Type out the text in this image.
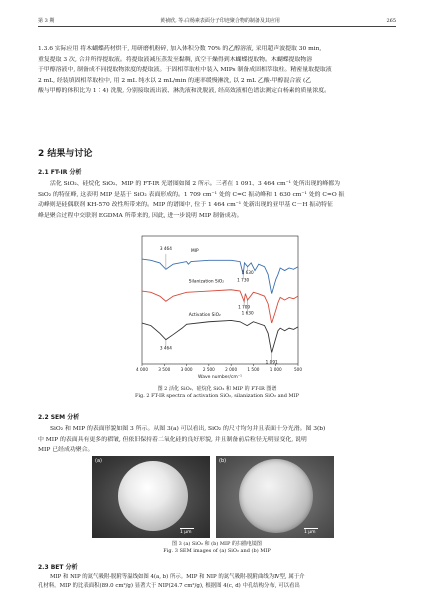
第 3 期	黄祯欣, 等:白杨素表面分子印迹聚合物的制备及其应用	265
1.3.6 实际应用 将木蝴蝶药材烘干, 用研磨机粉碎, 加入体积分数 70% 的乙醇溶液, 采用超声波提取 30 min,
重复提取 3 次, 合并所得提取液。将提取液减压蒸发至黏稠, 真空干燥得到木蝴蝶提取物。木蝴蝶提取物溶
于甲醇溶液中, 制备成不同提取物浓度的提取液。于固相萃取柱中装入 MIPs 制备成固相萃取柱。精密量取提取液
2 mL, 经装填固相萃取柱中, 用 2 mL 纯水以 2 mL/min 的速率缓慢淋洗, 以 2 mL 乙酸-甲醇混合液 (乙
酸与甲醇的体积比为 1∶4) 洗脱, 分别接取流出液、淋洗液和洗脱液, 经高效液相色谱法测定白杨素的质量浓度。
2 结果与讨论
2.1 FT-IR 分析
活化 SiO₂、硅烷化 SiO₂、MIP 的 FT-IR 光谱图如图 2 所示。三者在 1 091、3 464 cm⁻¹ 处所出现的峰都为
SiO₂ 的特征峰, 这表明 MIP 是基于 SiO₂ 表面形成的。1 709 cm⁻¹ 处的 C=C 振动峰和 1 630 cm⁻¹ 处的 C=O 振
动峰则是硅偶联剂 KH-570 改性所带来的。MIP 的谱图中, 位于 1 464 cm⁻¹ 处新出现的亚甲基 C－H 振动特征
峰是聚合过程中交联剂 EGDMA 所带来的, 因此, 进一步说明 MIP 制备成功。
4 000 3 500 3 000 2 500 2 000 1 500 1 000	500
Wave number/cm⁻¹
MIP
Silanization SiO₂
Activation SiO₂
3 464
1 730
1 630
1 709
1 630
3 464
1 091
图 2 活化 SiO₂、硅烷化 SiO₂ 和 MIP 的 FT-IR 图谱
Fig. 2 FT-IR spectra of activation SiO₂, silanization SiO₂ and MIP
2.2 SEM 分析
SiO₂ 和 MIP 的表面形貌如图 3 所示。从图 3(a) 可以看出, SiO₂ 的尺寸均匀并且表面十分光滑。图 3(b)
中 MIP 的表面具有更多的褶皱, 但依旧保持着二氧化硅的良好形貌, 并且制备前后粒径无明显变化, 说明
MIP 已经成功聚合。
(a)
1 μm
(b)
1 μm
图 3 (a) SiO₂ 和 (b) MIP 的扫描电镜图
Fig. 3 SEM images of (a) SiO₂ and (b) MIP
2.3 BET 分析
MIP 和 NIP 的氮气吸附-脱附等温线如图 4(a, b) 所示。MIP 和 NIP 的氮气吸附-脱附曲线为Ⅳ型, 属于介
孔材料。MIP 的比表面积(89.0 cm²/g) 显著大于 NIP(24.7 cm²/g), 根据图 4(c, d) 中孔结构分布, 可以看出
